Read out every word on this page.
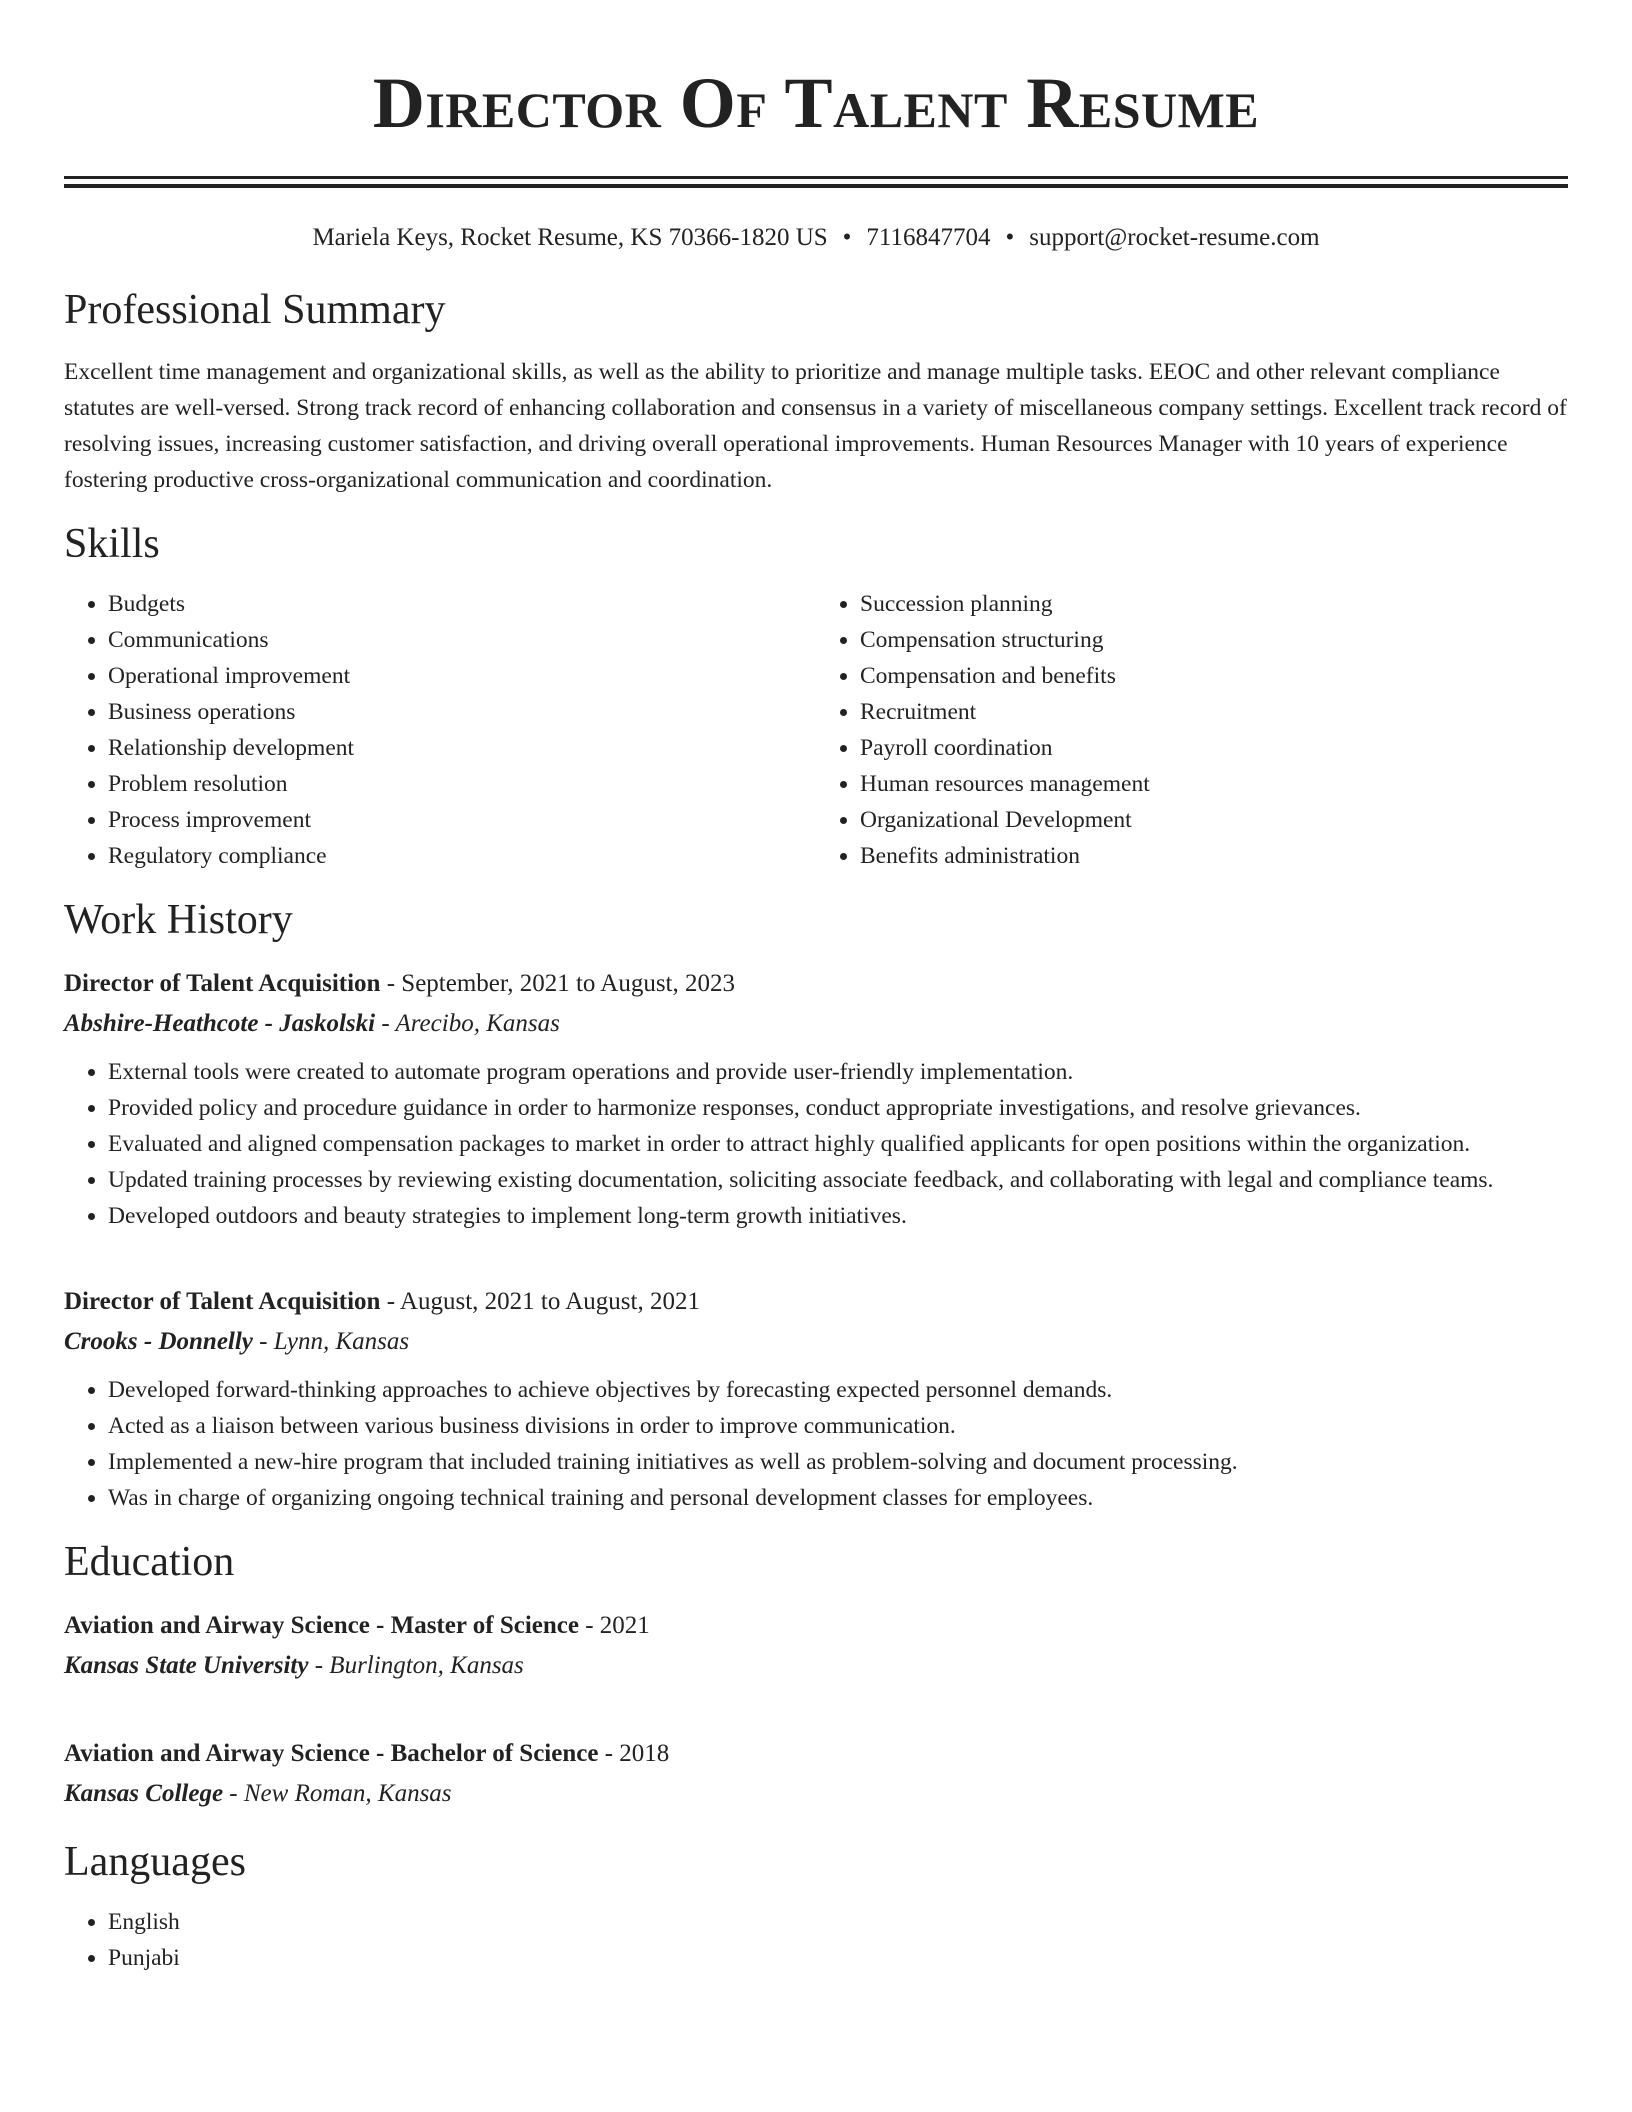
Director Of Talent Resume
Mariela Keys, Rocket Resume, KS 70366-1820 US • 7116847704 • support@rocket-resume.com
Professional Summary
Excellent time management and organizational skills, as well as the ability to prioritize and manage multiple tasks. EEOC and other relevant compliance statutes are well-versed. Strong track record of enhancing collaboration and consensus in a variety of miscellaneous company settings. Excellent track record of resolving issues, increasing customer satisfaction, and driving overall operational improvements. Human Resources Manager with 10 years of experience fostering productive cross-organizational communication and coordination.
Skills
• Budgets
• Communications
• Operational improvement
• Business operations
• Relationship development
• Problem resolution
• Process improvement
• Regulatory compliance
• Succession planning
• Compensation structuring
• Compensation and benefits
• Recruitment
• Payroll coordination
• Human resources management
• Organizational Development
• Benefits administration
Work History
Director of Talent Acquisition - September, 2021 to August, 2023
Abshire-Heathcote - Jaskolski - Arecibo, Kansas
• External tools were created to automate program operations and provide user-friendly implementation.
• Provided policy and procedure guidance in order to harmonize responses, conduct appropriate investigations, and resolve grievances.
• Evaluated and aligned compensation packages to market in order to attract highly qualified applicants for open positions within the organization.
• Updated training processes by reviewing existing documentation, soliciting associate feedback, and collaborating with legal and compliance teams.
• Developed outdoors and beauty strategies to implement long-term growth initiatives.
Director of Talent Acquisition - August, 2021 to August, 2021
Crooks - Donnelly - Lynn, Kansas
• Developed forward-thinking approaches to achieve objectives by forecasting expected personnel demands.
• Acted as a liaison between various business divisions in order to improve communication.
• Implemented a new-hire program that included training initiatives as well as problem-solving and document processing.
• Was in charge of organizing ongoing technical training and personal development classes for employees.
Education
Aviation and Airway Science - Master of Science - 2021
Kansas State University - Burlington, Kansas
Aviation and Airway Science - Bachelor of Science - 2018
Kansas College - New Roman, Kansas
Languages
• English
• Punjabi
